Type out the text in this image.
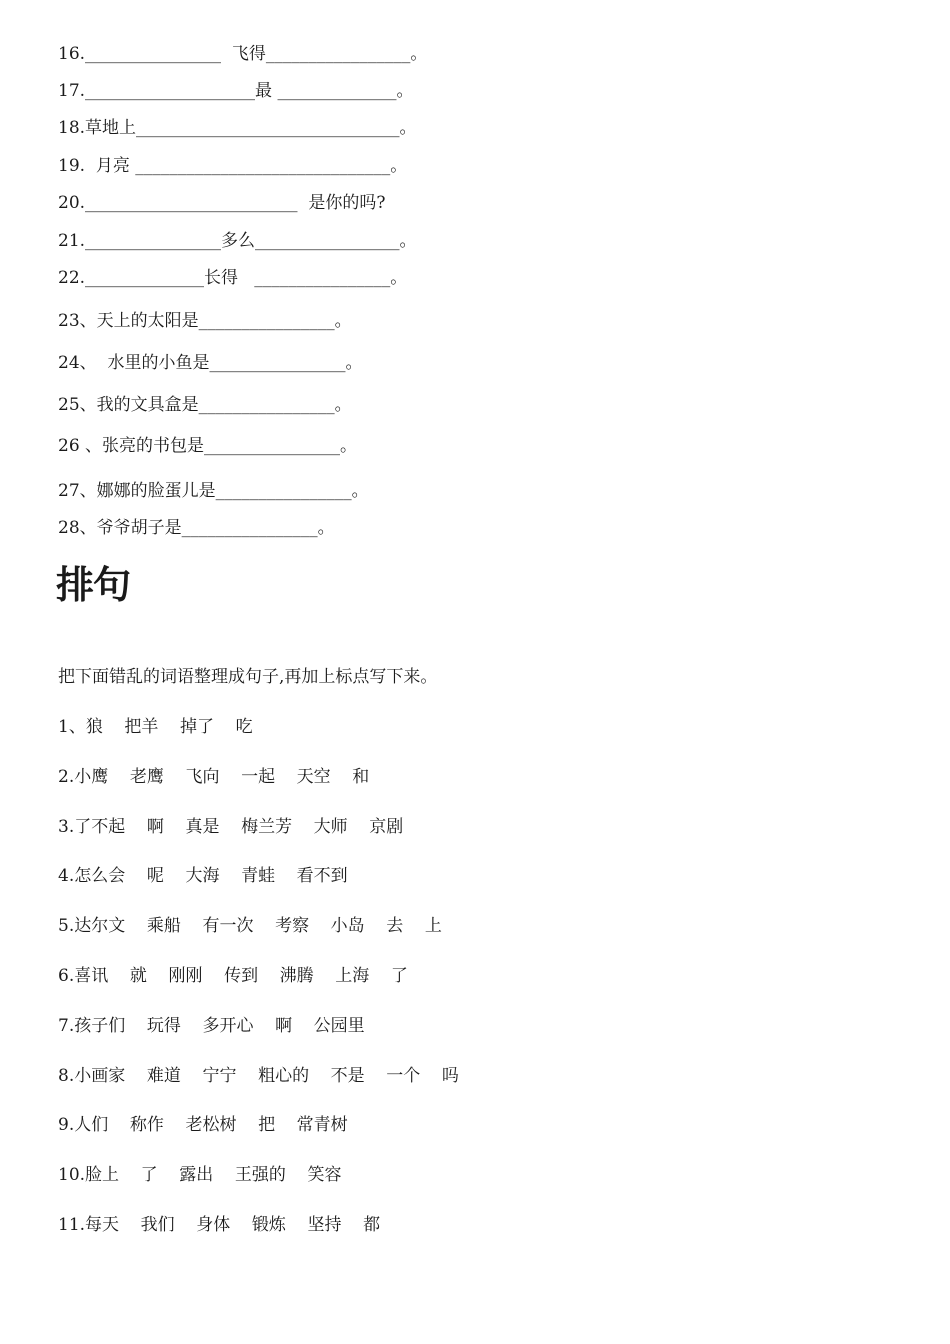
16.________________  飞得_________________。
17.____________________最 ______________。
18.草地上_______________________________。
19.  月亮 ______________________________。
20._________________________  是你的吗?
21.________________多么_________________。
22.______________长得   ________________。
23、天上的太阳是________________。
24、  水里的小鱼是________________。
25、我的文具盒是________________。
26 、张亮的书包是________________。
27、娜娜的脸蛋儿是________________。
28、爷爷胡子是________________。
排句
把下面错乱的词语整理成句子,再加上标点写下来。
1、狼    把羊    掉了    吃
2.小鹰    老鹰    飞向    一起    天空    和
3.了不起    啊    真是    梅兰芳    大师    京剧
4.怎么会    呢    大海    青蛙    看不到
5.达尔文    乘船    有一次    考察    小岛    去    上
6.喜讯    就    刚刚    传到    沸腾    上海    了
7.孩子们    玩得    多开心    啊    公园里
8.小画家    难道    宁宁    粗心的    不是    一个    吗
9.人们    称作    老松树    把    常青树
10.脸上    了    露出    王强的    笑容
11.每天    我们    身体    锻炼    坚持    都
